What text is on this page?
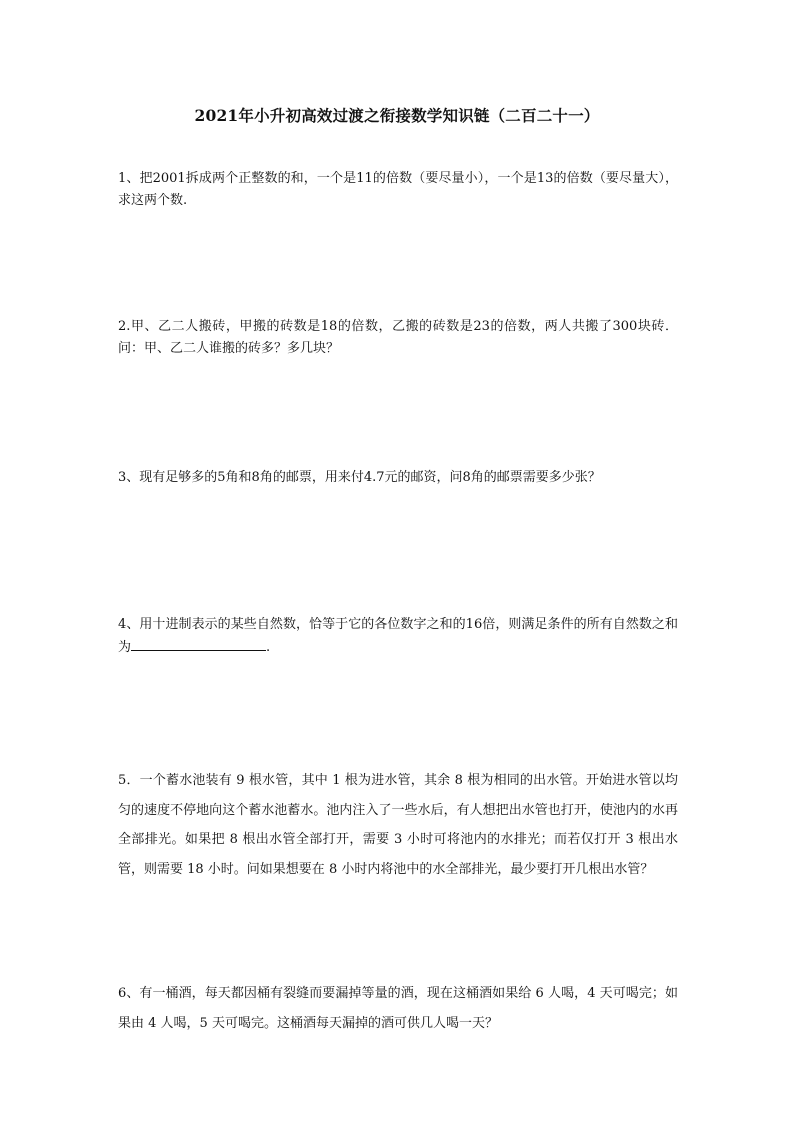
2021年小升初高效过渡之衔接数学知识链（二百二十一）
1、把2001拆成两个正整数的和，一个是11的倍数（要尽量小），一个是13的倍数（要尽量大），求这两个数.
2.甲、乙二人搬砖，甲搬的砖数是18的倍数，乙搬的砖数是23的倍数，两人共搬了300块砖．问：甲、乙二人谁搬的砖多？多几块？
3、现有足够多的5角和8角的邮票，用来付4.7元的邮资，问8角的邮票需要多少张？
4、用十进制表示的某些自然数，恰等于它的各位数字之和的16倍，则满足条件的所有自然数之和为	.
5．一个蓄水池装有 9 根水管，其中 1 根为进水管，其余 8 根为相同的出水管。开始进水管以均匀的速度不停地向这个蓄水池蓄水。池内注入了一些水后，有人想把出水管也打开，使池内的水再全部排光。如果把 8 根出水管全部打开，需要 3 小时可将池内的水排光；而若仅打开 3 根出水管，则需要 18 小时。问如果想要在 8 小时内将池中的水全部排光，最少要打开几根出水管？
6、有一桶酒，每天都因桶有裂缝而要漏掉等量的酒，现在这桶酒如果给 6 人喝，4 天可喝完；如果由 4 人喝，5 天可喝完。这桶酒每天漏掉的酒可供几人喝一天？
